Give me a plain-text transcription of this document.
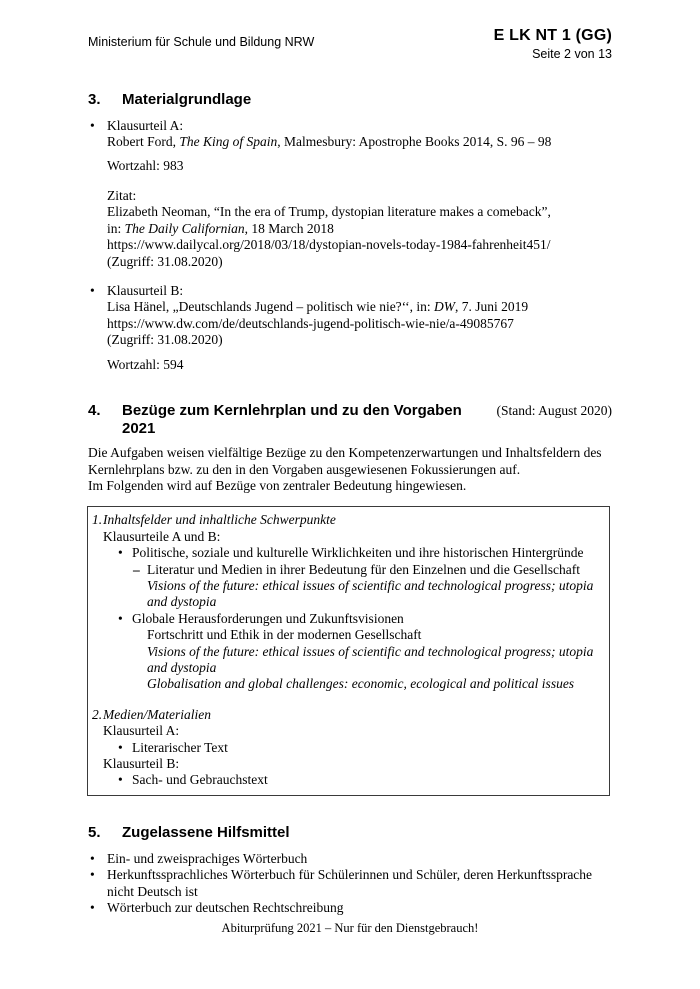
Ministerium für Schule und Bildung NRW	E LK NT 1 (GG)
Seite 2 von 13
3.	Materialgrundlage
• Klausurteil A:
Robert Ford, The King of Spain, Malmesbury: Apostrophe Books 2014, S. 96 – 98
Wortzahl: 983
Zitat:
Elizabeth Neoman, “In the era of Trump, dystopian literature makes a comeback”,
in: The Daily Californian, 18 March 2018
https://www.dailycal.org/2018/03/18/dystopian-novels-today-1984-fahrenheit451/
(Zugriff: 31.08.2020)
• Klausurteil B:
Lisa Hänel, „Deutschlands Jugend – politisch wie nie?‘‘, in: DW, 7. Juni 2019
https://www.dw.com/de/deutschlands-jugend-politisch-wie-nie/a-49085767
(Zugriff: 31.08.2020)
Wortzahl: 594
4.	Bezüge zum Kernlehrplan und zu den Vorgaben 2021
(Stand: August 2020)
Die Aufgaben weisen vielfältige Bezüge zu den Kompetenzerwartungen und Inhaltsfeldern des Kernlehrplans bzw. zu den in den Vorgaben ausgewiesenen Fokussierungen auf.
Im Folgenden wird auf Bezüge von zentraler Bedeutung hingewiesen.
1. Inhaltsfelder und inhaltliche Schwerpunkte
Klausurteile A und B:
• Politische, soziale und kulturelle Wirklichkeiten und ihre historischen Hintergründe
– Literatur und Medien in ihrer Bedeutung für den Einzelnen und die Gesellschaft
Visions of the future: ethical issues of scientific and technological progress; utopia and dystopia
• Globale Herausforderungen und Zukunftsvisionen
Fortschritt und Ethik in der modernen Gesellschaft
Visions of the future: ethical issues of scientific and technological progress; utopia and dystopia
Globalisation and global challenges: economic, ecological and political issues
2. Medien/Materialien
Klausurteil A:
• Literarischer Text
Klausurteil B:
• Sach- und Gebrauchstext
5.	Zugelassene Hilfsmittel
• Ein- und zweisprachiges Wörterbuch
• Herkunftssprachliches Wörterbuch für Schülerinnen und Schüler, deren Herkunftssprache nicht Deutsch ist
• Wörterbuch zur deutschen Rechtschreibung
Abiturprüfung 2021 – Nur für den Dienstgebrauch!
